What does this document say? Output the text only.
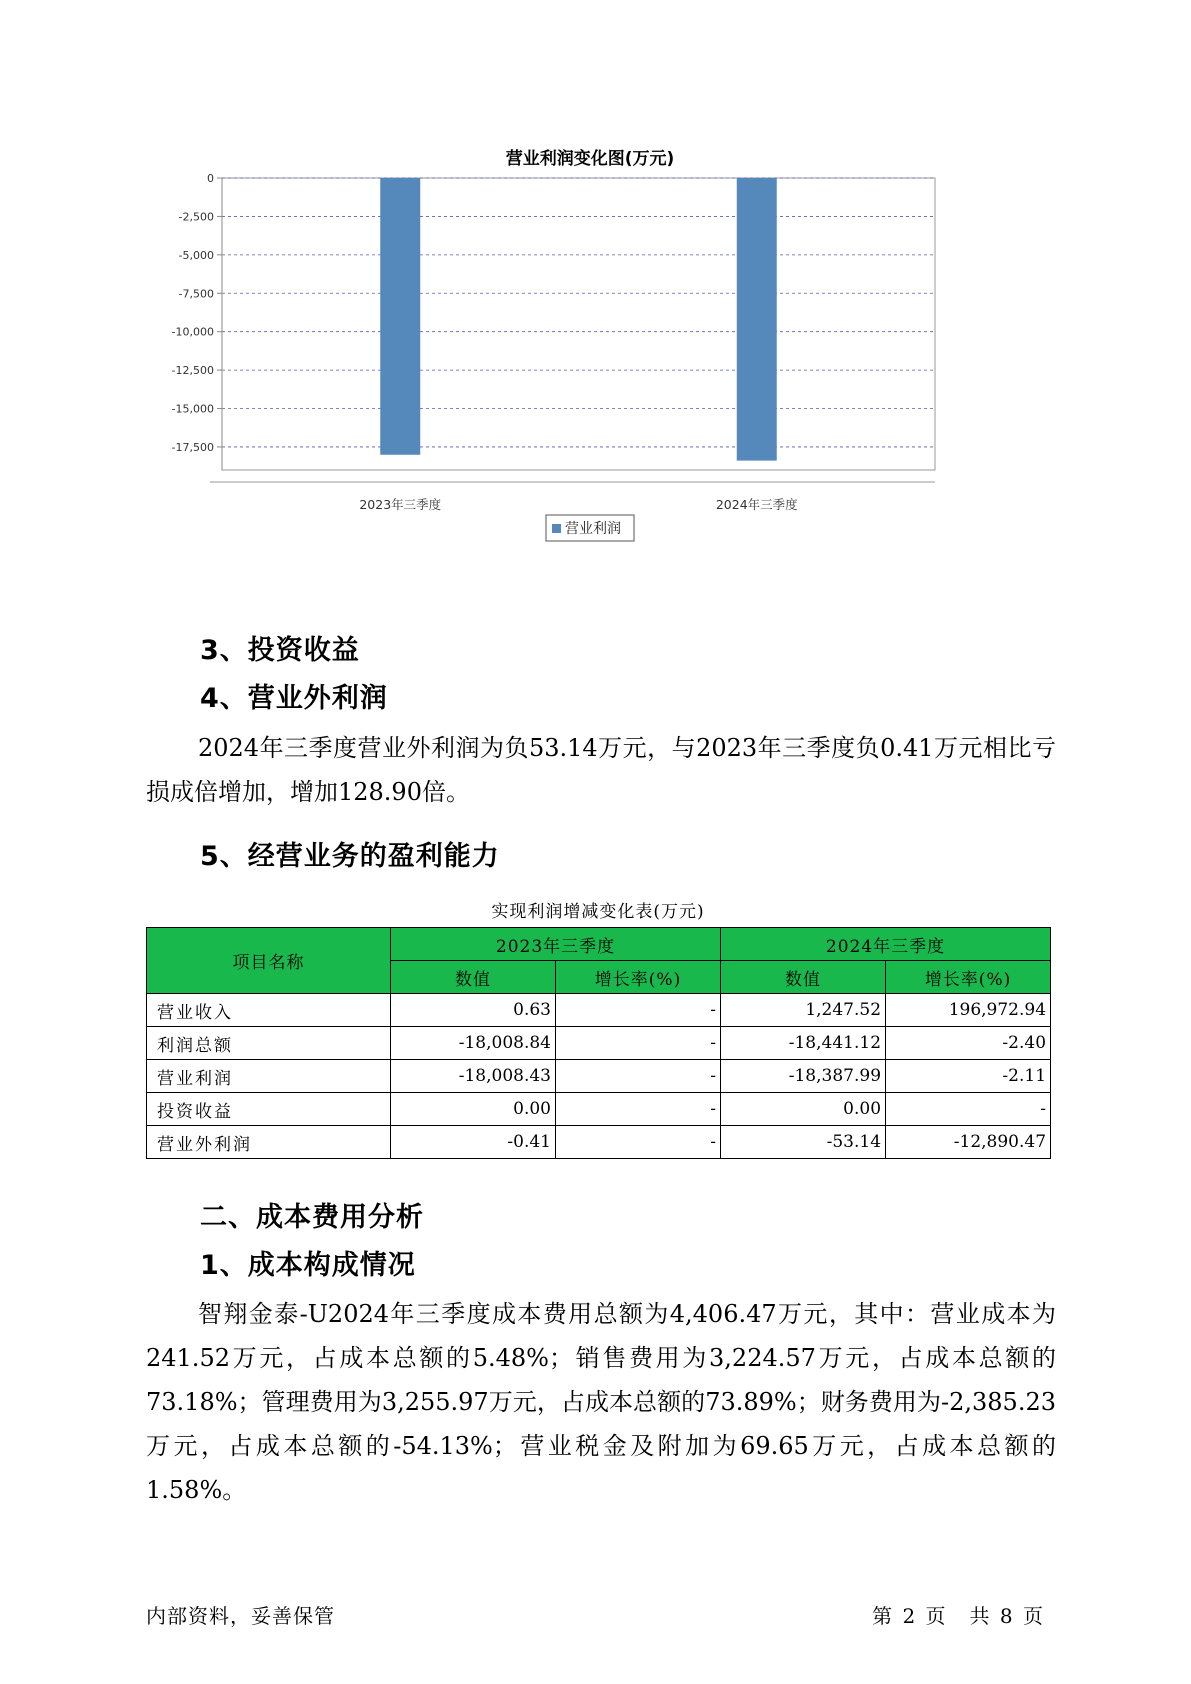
营业利润变化图(万元)
0
-2,500
-5,000
-7,500
-10,000
-12,500
-15,000
-17,500
2023年三季度	2024年三季度
营业利润
3、投资收益
4、营业外利润

2024年三季度营业外利润为负53.14万元，与2023年三季度负0.41万元相比亏损成倍增加，增加128.90倍。

5、经营业务的盈利能力
实现利润增减变化表(万元)
项目名称	2023年三季度		2024年三季度	
	数值	增长率(%)	数值	增长率(%)
营业收入	0.63	-	1,247.52	196,972.94
利润总额	-18,008.84	-	-18,441.12	-2.40
营业利润	-18,008.43	-	-18,387.99	-2.11
投资收益	0.00	-	0.00	-
营业外利润	-0.41	-	-53.14	-12,890.47
二、成本费用分析
1、成本构成情况

智翔金泰-U2024年三季度成本费用总额为4,406.47万元，其中：营业成本为241.52万元，占成本总额的5.48%；销售费用为3,224.57万元，占成本总额的73.18%；管理费用为3,255.97万元，占成本总额的73.89%；财务费用为-2,385.23万元，占成本总额的-54.13%；营业税金及附加为69.65万元，占成本总额的1.58%。

内部资料，妥善保管	第 2 页　共 8 页
